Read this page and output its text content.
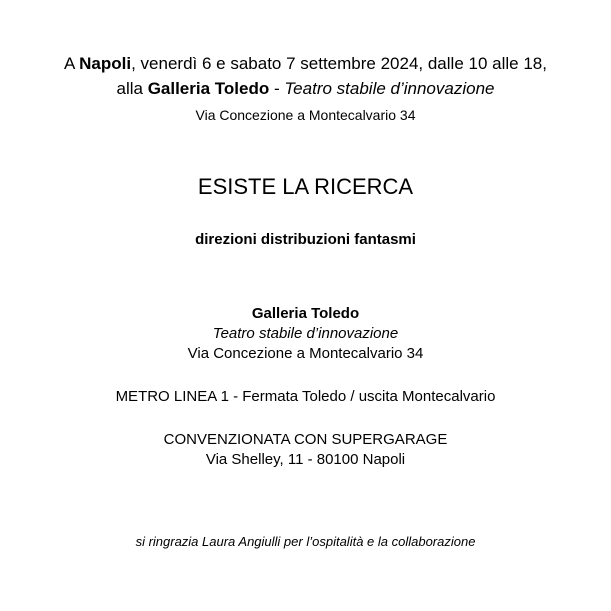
A Napoli, venerdì 6 e sabato 7 settembre 2024, dalle 10 alle 18,
alla Galleria Toledo - Teatro stabile d’innovazione
Via Concezione a Montecalvario 34
ESISTE LA RICERCA
direzioni distribuzioni fantasmi
Galleria Toledo
Teatro stabile d’innovazione
Via Concezione a Montecalvario 34
METRO LINEA 1 - Fermata Toledo / uscita Montecalvario
CONVENZIONATA CON SUPERGARAGE
Via Shelley, 11 - 80100 Napoli
si ringrazia Laura Angiulli per l’ospitalità e la collaborazione
